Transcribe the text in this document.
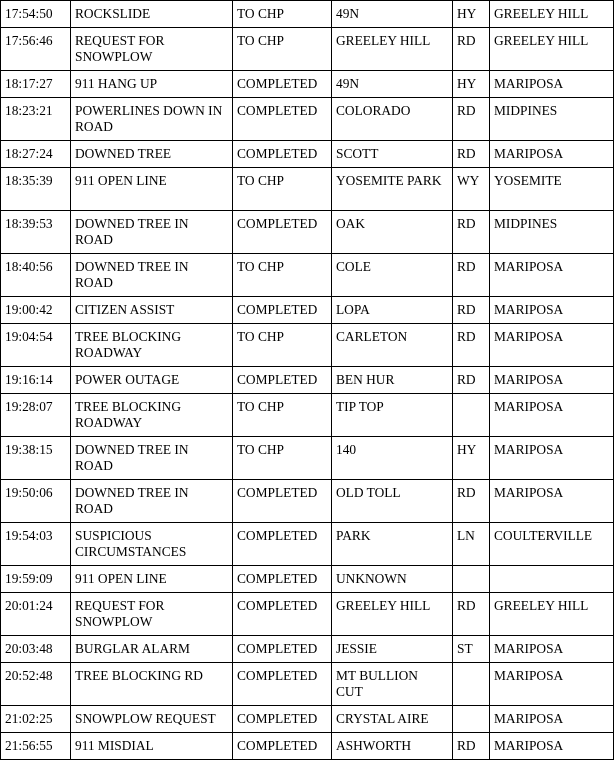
17:54:50	ROCKSLIDE	TO CHP	49N	HY	GREELEY HILL
17:56:46	REQUEST FOR SNOWPLOW	TO CHP	GREELEY HILL	RD	GREELEY HILL
18:17:27	911 HANG UP	COMPLETED	49N	HY	MARIPOSA
18:23:21	POWERLINES DOWN IN ROAD	COMPLETED	COLORADO	RD	MIDPINES
18:27:24	DOWNED TREE	COMPLETED	SCOTT	RD	MARIPOSA
18:35:39	911 OPEN LINE	TO CHP	YOSEMITE PARK	WY	YOSEMITE
18:39:53	DOWNED TREE IN ROAD	COMPLETED	OAK	RD	MIDPINES
18:40:56	DOWNED TREE IN ROAD	TO CHP	COLE	RD	MARIPOSA
19:00:42	CITIZEN ASSIST	COMPLETED	LOPA	RD	MARIPOSA
19:04:54	TREE BLOCKING ROADWAY	TO CHP	CARLETON	RD	MARIPOSA
19:16:14	POWER OUTAGE	COMPLETED	BEN HUR	RD	MARIPOSA
19:28:07	TREE BLOCKING ROADWAY	TO CHP	TIP TOP		MARIPOSA
19:38:15	DOWNED TREE IN ROAD	TO CHP	140	HY	MARIPOSA
19:50:06	DOWNED TREE IN ROAD	COMPLETED	OLD TOLL	RD	MARIPOSA
19:54:03	SUSPICIOUS CIRCUMSTANCES	COMPLETED	PARK	LN	COULTERVILLE
19:59:09	911 OPEN LINE	COMPLETED	UNKNOWN		
20:01:24	REQUEST FOR SNOWPLOW	COMPLETED	GREELEY HILL	RD	GREELEY HILL
20:03:48	BURGLAR ALARM	COMPLETED	JESSIE	ST	MARIPOSA
20:52:48	TREE BLOCKING RD	COMPLETED	MT BULLION CUT		MARIPOSA
21:02:25	SNOWPLOW REQUEST	COMPLETED	CRYSTAL AIRE		MARIPOSA
21:56:55	911 MISDIAL	COMPLETED	ASHWORTH	RD	MARIPOSA
